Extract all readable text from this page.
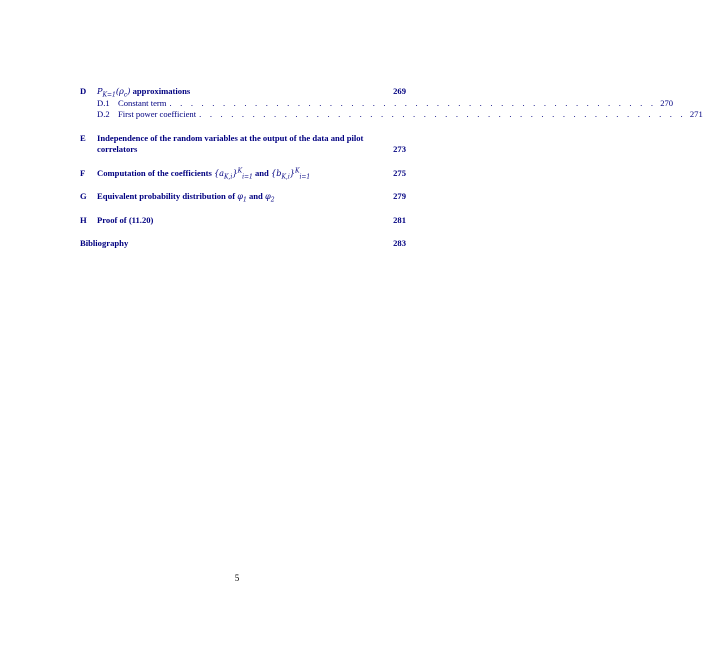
D	$P_{K=1}(\rho_c)$ approximations	269
D.1 Constant term . . . . . . . . . . . . . . . . . . . . . . . . . . . . . . . . . . . . . . . . . . . . . . 270
D.2 First power coefficient . . . . . . . . . . . . . . . . . . . . . . . . . . . . . . . . . . . . . . . . . . . . . . 271
E	Independence of the random variables at the output of the data and pilot correlators	273
F	Computation of the coefficients $\{a_{K,i}\}^K_{i=1}$ and $\{b_{K,i}\}^K_{i=1}$	275
G	Equivalent probability distribution of $\varphi_1$ and $\varphi_2$	279
H	Proof of (11.20)	281
Bibliography	283
5
